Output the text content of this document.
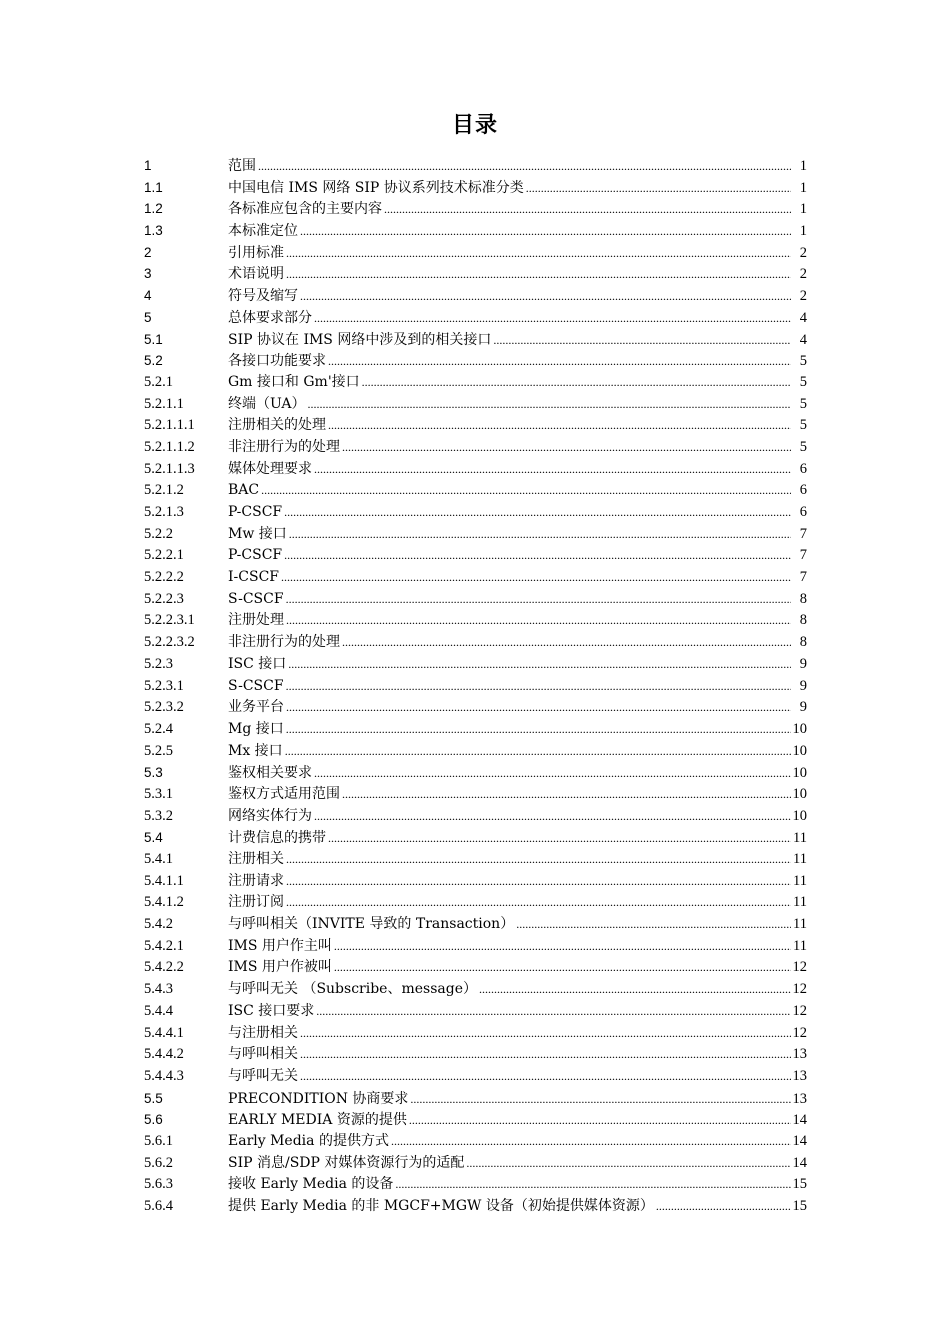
目录
1	范围 .....	1
1.1	中国电信 IMS 网络 SIP 协议系列技术标准分类 .....	1
1.2	各标准应包含的主要内容 .....	1
1.3	本标准定位 .....	1
2	引用标准 .....	2
3	术语说明 .....	2
4	符号及缩写 .....	2
5	总体要求部分 .....	4
5.1	SIP 协议在 IMS 网络中涉及到的相关接口 .....	4
5.2	各接口功能要求 .....	5
5.2.1	Gm 接口和 Gm'接口 .....	5
5.2.1.1	终端（UA） .....	5
5.2.1.1.1	注册相关的处理 .....	5
5.2.1.1.2	非注册行为的处理 .....	5
5.2.1.1.3	媒体处理要求 .....	6
5.2.1.2	BAC .....	6
5.2.1.3	P-CSCF .....	6
5.2.2	Mw 接口 .....	7
5.2.2.1	P-CSCF .....	7
5.2.2.2	I-CSCF .....	7
5.2.2.3	S-CSCF .....	8
5.2.2.3.1	注册处理 .....	8
5.2.2.3.2	非注册行为的处理 .....	8
5.2.3	ISC 接口 .....	9
5.2.3.1	S-CSCF .....	9
5.2.3.2	业务平台 .....	9
5.2.4	Mg 接口 .....	10
5.2.5	Mx 接口 .....	10
5.3	鉴权相关要求 .....	10
5.3.1	鉴权方式适用范围 .....	10
5.3.2	网络实体行为 .....	10
5.4	计费信息的携带 .....	11
5.4.1	注册相关 .....	11
5.4.1.1	注册请求 .....	11
5.4.1.2	注册订阅 .....	11
5.4.2	与呼叫相关（INVITE 导致的 Transaction） .....	11
5.4.2.1	IMS 用户作主叫 .....	11
5.4.2.2	IMS 用户作被叫 .....	12
5.4.3	与呼叫无关 （Subscribe、message） .....	12
5.4.4	ISC 接口要求 .....	12
5.4.4.1	与注册相关 .....	12
5.4.4.2	与呼叫相关 .....	13
5.4.4.3	与呼叫无关 .....	13
5.5	PRECONDITION 协商要求 .....	13
5.6	EARLY MEDIA 资源的提供 .....	14
5.6.1	Early Media 的提供方式 .....	14
5.6.2	SIP 消息/SDP 对媒体资源行为的适配 .....	14
5.6.3	接收 Early Media 的设备 .....	15
5.6.4	提供 Early Media 的非 MGCF+MGW 设备（初始提供媒体资源） .....	15
